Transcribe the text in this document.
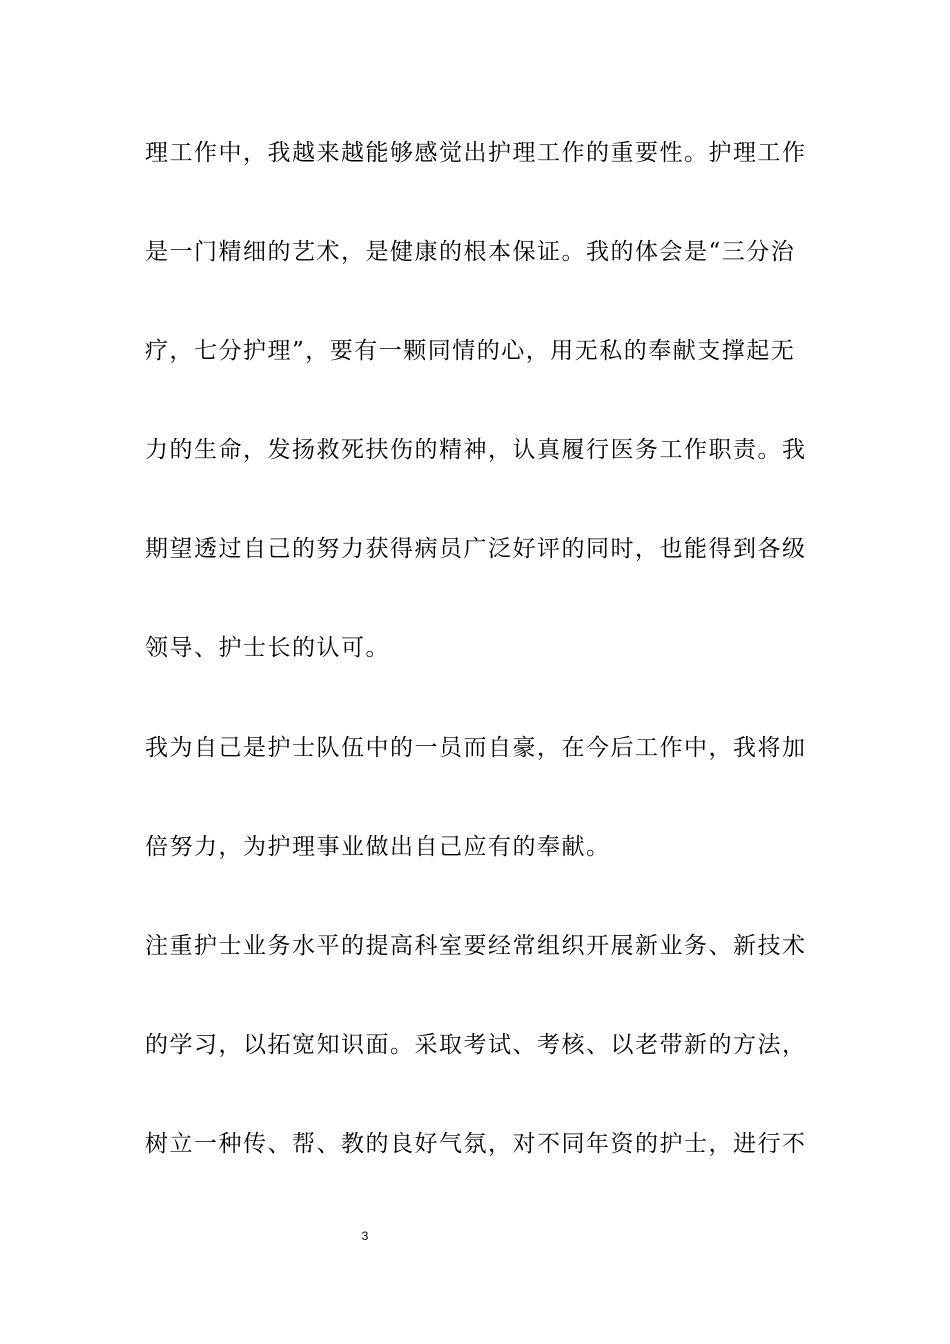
理工作中，我越来越能够感觉出护理工作的重要性。护理工作
是一门精细的艺术，是健康的根本保证。我的体会是“三分治
疗，七分护理”，要有一颗同情的心，用无私的奉献支撑起无
力的生命，发扬救死扶伤的精神，认真履行医务工作职责。我
期望透过自己的努力获得病员广泛好评的同时，也能得到各级
领导、护士长的认可。
我为自己是护士队伍中的一员而自豪，在今后工作中，我将加
倍努力，为护理事业做出自己应有的奉献。
注重护士业务水平的提高科室要经常组织开展新业务、新技术
的学习，以拓宽知识面。采取考试、考核、以老带新的方法，
树立一种传、帮、教的良好气氛，对不同年资的护士，进行不
3
